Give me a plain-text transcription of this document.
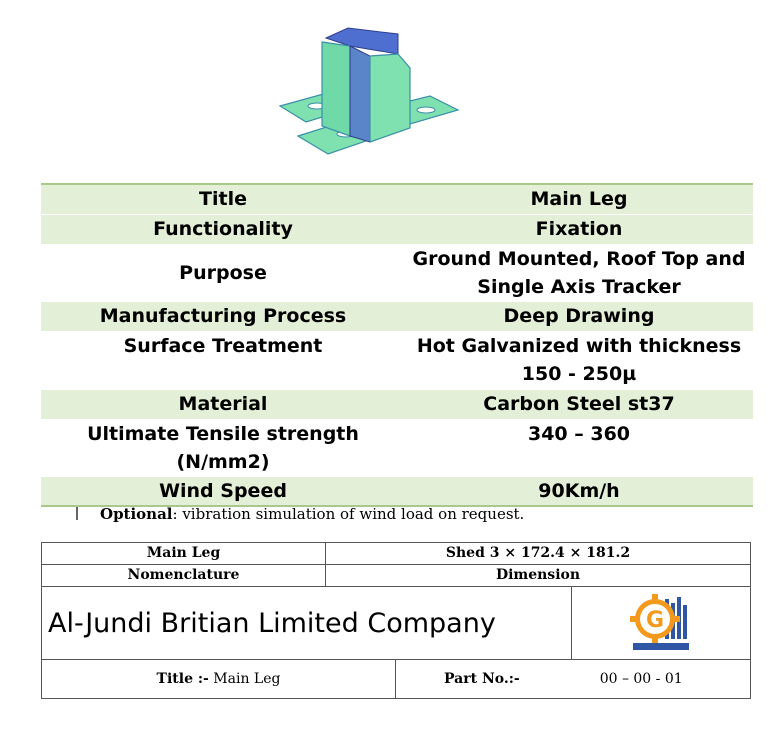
Title	Main Leg
Functionality	Fixation
Purpose	Ground Mounted, Roof Top and
Single Axis Tracker

Manufacturing Process	Deep Drawing
Surface Treatment	Hot Galvanized with thickness
150 - 250µ

Material	Carbon Steel st37

Ultimate Tensile strength
(N/mm2)	340 – 360
Wind Speed	90Km/h
Optional: vibration simulation of wind load on request.
Main Leg	Shed 3 × 172.4 × 181.2
Nomenclature	Dimension
Al-Jundi Britian Limited Company	G
Title :- Main Leg	Part No.:-	00 – 00 - 01
